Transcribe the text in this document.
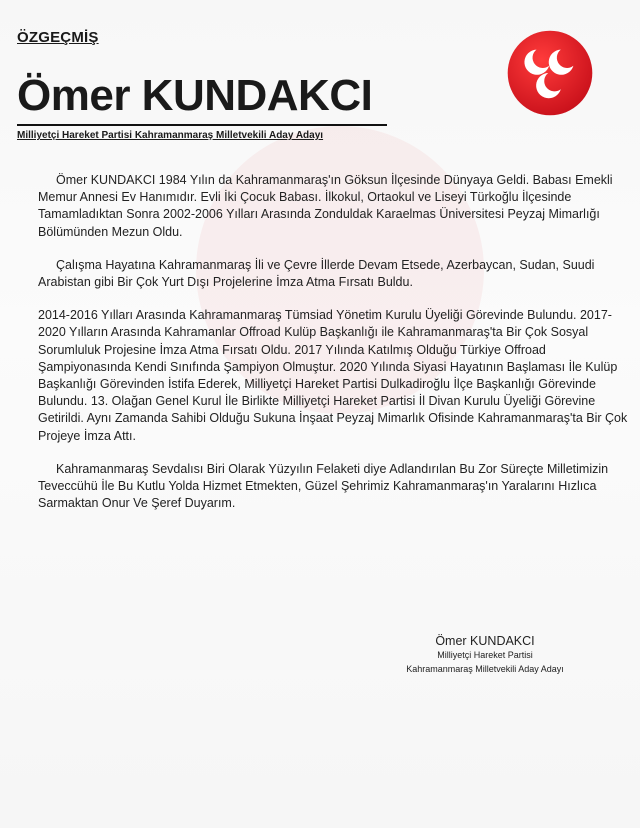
ÖZGEÇMİŞ
Ömer KUNDAKCI
Milliyetçi Hareket Partisi Kahramanmaraş Milletvekili Aday Adayı

Ömer KUNDAKCI 1984 Yılın da Kahramanmaraş'ın Göksun İlçesinde Dünyaya Geldi. Babası Emekli Memur Annesi Ev Hanımıdır. Evli İki Çocuk Babası. İlkokul, Ortaokul ve Liseyi Türkoğlu İlçesinde Tamamladıktan Sonra 2002-2006 Yılları Arasında Zonduldak Karaelmas Üniversitesi Peyzaj Mimarlığı Bölümünden Mezun Oldu.

Çalışma Hayatına Kahramanmaraş İli ve Çevre İllerde Devam Etsede, Azerbaycan, Sudan, Suudi Arabistan gibi Bir Çok Yurt Dışı Projelerine İmza Atma Fırsatı Buldu.

2014-2016 Yılları Arasında Kahramanmaraş Tümsiad Yönetim Kurulu Üyeliği Görevinde Bulundu. 2017-2020 Yılların Arasında Kahramanlar Offroad Kulüp Başkanlığı ile Kahramanmaraş'ta Bir Çok Sosyal Sorumluluk Projesine İmza Atma Fırsatı Oldu. 2017 Yılında Katılmış Olduğu Türkiye Offroad Şampiyonasında Kendi Sınıfında Şampiyon Olmuştur. 2020 Yılında Siyasi Hayatının Başlaması İle Kulüp Başkanlığı Görevinden İstifa Ederek, Milliyetçi Hareket Partisi Dulkadiroğlu İlçe Başkanlığı Görevinde Bulundu. 13. Olağan Genel Kurul İle Birlikte Milliyetçi Hareket Partisi İl Divan Kurulu Üyeliği Görevine Getirildi. Aynı Zamanda Sahibi Olduğu Sukuna İnşaat Peyzaj Mimarlık Ofisinde Kahramanmaraş'ta Bir Çok Projeye İmza Attı.

Kahramanmaraş Sevdalısı Biri Olarak Yüzyılın Felaketi diye Adlandırılan Bu Zor Süreçte Milletimizin Teveccühü İle Bu Kutlu Yolda Hizmet Etmekten, Güzel Şehrimiz Kahramanmaraş'ın Yaralarını Hızlıca Sarmaktan Onur Ve Şeref Duyarım.

Ömer KUNDAKCI
Milliyetçi Hareket Partisi
Kahramanmaraş Milletvekili Aday Adayı
